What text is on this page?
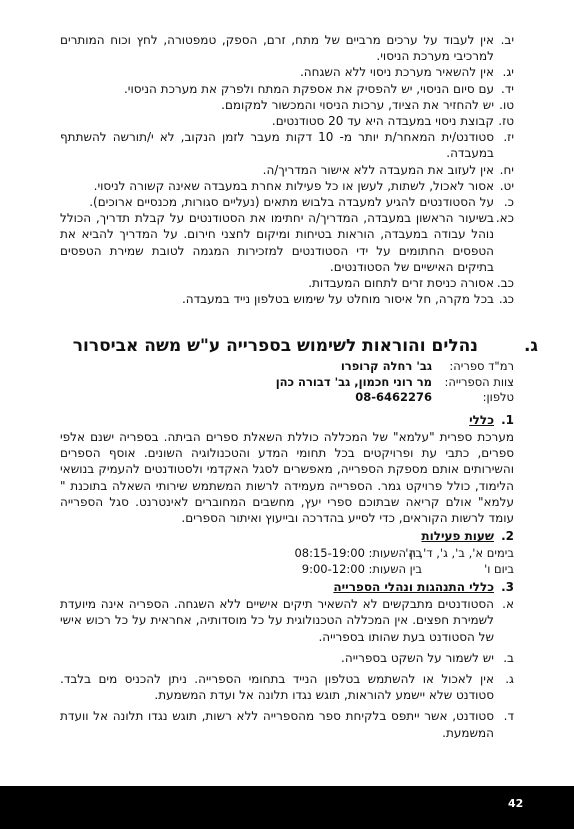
יב.
אין לעבוד על ערכים מרביים של מתח, זרם, הספק, טמפטורה, לחץ וכוח המותרים למרכיבי מערכת הניסוי.
יג.
אין להשאיר מערכת ניסוי ללא השגחה.
יד.
עם סיום הניסוי, יש להפסיק את אספקת המתח ולפרק את מערכת הניסוי.
טו.
יש להחזיר את הציוד, ערכות הניסוי והמכשור למקומם.
טז.
קבוצת ניסוי במעבדה היא עד 20 סטודנטים.
יז.
סטודנט/ית המאחר/ת יותר מ- 10 דקות מעבר לזמן הנקוב, לא י/תורשה להשתתף במעבדה.
יח.
אין לעזוב את המעבדה ללא אישור המדריך/ה.
יט.
אסור לאכול, לשתות, לעשן או כל פעילות אחרת במעבדה שאינה קשורה לניסוי.
כ.
על הסטודנטים להגיע למעבדה בלבוש מתאים (נעליים סגורות, מכנסיים ארוכים).
כא.
בשיעור הראשון במעבדה, המדריך/ה יחתימו את הסטודנטים על קבלת תדריך, הכולל נוהל עבודה במעבדה, הוראות בטיחות ומיקום לחצני חירום. על המדריך להביא את הטפסים החתומים על ידי הסטודנטים למזכירות המגמה לטובת שמירת הטפסים בתיקים האישיים של הסטודנטים.
כב.
אסורה כניסת זרים לתחום המעבדות.
כג.
בכל מקרה, חל איסור מוחלט על שימוש בטלפון נייד במעבדה.
ג.
נהלים והוראות לשימוש בספרייה ע"ש משה אביסרור
רמ"ד ספריה:
גב' רחלה קרופרו
צוות הספרייה:
מר רוני חכמון, גב' דבורה כהן
טלפון:
08-6462276
1.
כללי
מערכת ספרית "עלמא" של המכללה כוללת השאלת ספרים הביתה. בספריה ישנם אלפי ספרים, כתבי עת ופרויקטים בכל תחומי המדע והטכנולוגיה השונים. אוסף הספרים והשירותים אותם מספקת הספרייה, מאפשרים לסגל האקדמי ולסטודנטים להעמיק בנושאי הלימוד, כולל פרויקט גמר. הספרייה מעמידה לרשות המשתמש שירותי השאלה בתוכנת " עלמא" אולם קריאה שבתוכם ספרי יעץ, מחשבים המחוברים לאינטרנט. סגל הספרייה עומד לרשות הקוראים, כדי לסייע בהדרכה ובייעוץ ואיתור הספרים.
2.
שעות פעילות
בימים א', ב', ג', ד', ה'
בין השעות: 08:15-19:00
ביום ו'
בין השעות: 9:00-12:00
3.
כללי התנהגות ונהלי הספרייה
א.
הסטודנטים מתבקשים לא להשאיר תיקים אישיים ללא השגחה. הספריה אינה מיועדת לשמירת חפצים. אין המכללה הטכנולוגית על כל מוסדותיה, אחראית על כל רכוש אישי של הסטודנט בעת שהותו בספרייה.
ב.
יש לשמור על השקט בספרייה.
ג.
אין לאכול או להשתמש בטלפון הנייד בתחומי הספרייה. ניתן להכניס מים בלבד. סטודנט שלא יישמע להוראות, תוגש נגדו תלונה אל ועדת המשמעת.
ד.
סטודנט, אשר ייתפס בלקיחת ספר מהספרייה ללא רשות, תוגש נגדו תלונה אל וועדת המשמעת.
42
